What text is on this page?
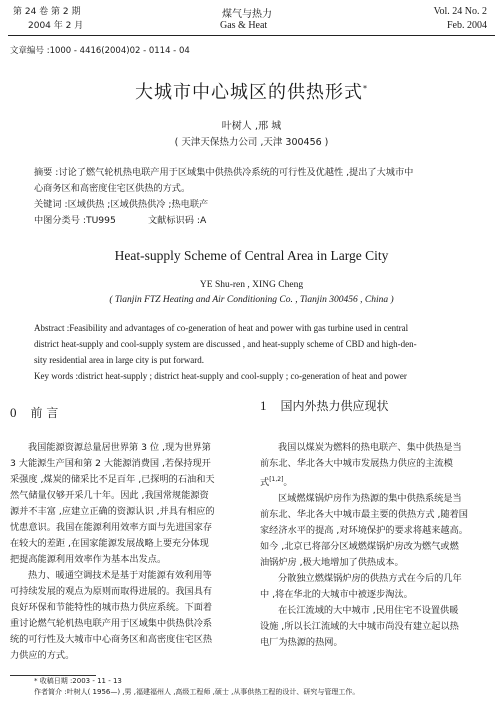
第 24 卷 第 2 期
2004 年 2 月
煤气与热力
Gas & Heat
Vol. 24 No. 2
Feb. 2004
文章编号 :1000 - 4416(2004)02 - 0114 - 04
大城市中心城区的供热形式*
叶树人 ,邢 城
( 天津天保热力公司 ,天津 300456 )
摘要 :讨论了燃气轮机热电联产用于区域集中供热供冷系统的可行性及优越性 ,提出了大城市中
心商务区和高密度住宅区供热的方式。
关键词 :区域供热 ;区域供热供冷 ;热电联产
中图分类号 :TU995	文献标识码 :A
Heat-supply Scheme of Central Area in Large City
YE Shu-ren , XING Cheng
( Tianjin FTZ Heating and Air Conditioning Co. , Tianjin 300456 , China )
Abstract :Feasibility and advantages of co-generation of heat and power with gas turbine used in central
district heat-supply and cool-supply system are discussed , and heat-supply scheme of CBD and high-den-
sity residential area in large city is put forward.
Key words :district heat-supply ; district heat-supply and cool-supply ; co-generation of heat and power
0 前 言
我国能源资源总量居世界第 3 位 ,现为世界第
3 大能源生产国和第 2 大能源消费国 ,若保持现开
采强度 ,煤炭的储采比不足百年 ,已探明的石油和天
然气储量仅够开采几十年。因此 ,我国常规能源资
源并不丰富 ,应建立正确的资源认识 ,并具有相应的
忧患意识。我国在能源利用效率方面与先进国家存
在较大的差距 ,在国家能源发展战略上要充分体现
把提高能源利用效率作为基本出发点。
热力、暖通空调技术是基于对能源有效利用等
可持续发展的观点为原则而取得进展的。我国具有
良好环保和节能特性的城市热力供应系统。下面着
重讨论燃气轮机热电联产用于区域集中供热供冷系
统的可行性及大城市中心商务区和高密度住宅区热
力供应的方式。
1 国内外热力供应现状
我国以煤炭为燃料的热电联产、集中供热是当
前东北、华北各大中城市发展热力供应的主流模
式[1,2]。
区域燃煤锅炉房作为热源的集中供热系统是当
前东北、华北各大中城市最主要的供热方式 ,随着国
家经济水平的提高 ,对环境保护的要求将越来越高。
如今 ,北京已将部分区域燃煤锅炉房改为燃气或燃
油锅炉房 ,极大地增加了供热成本。
分散独立燃煤锅炉房的供热方式在今后的几年
中 ,将在华北的大城市中被逐步淘汰。
在长江流域的大中城市 ,民用住宅不设置供暖
设施 ,所以长江流域的大中城市尚没有建立起以热
电厂为热源的热网。
* 收稿日期 :2003 - 11 - 13
作者简介 :叶树人( 1956—) ,男 ,福建福州人 ,高级工程师 ,硕士 ,从事供热工程的设计、研究与管理工作。
